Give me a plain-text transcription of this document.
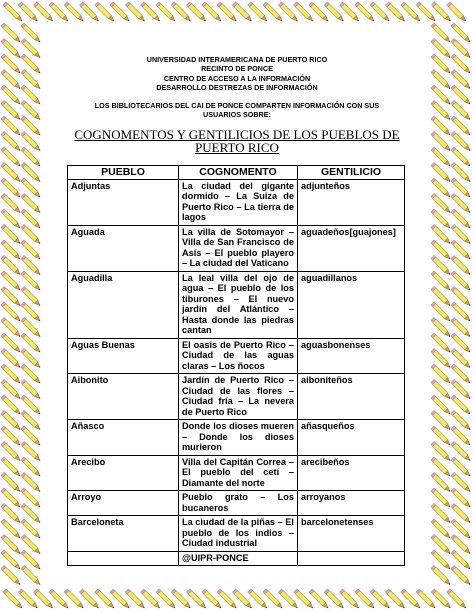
UNIVERSIDAD INTERAMERICANA DE PUERTO RICO
RECINTO DE PONCE
CENTRO DE ACCESO A LA INFORMACIÓN
DESARROLLO DESTREZAS DE INFORMACIÓN
LOS BIBLIOTECARIOS DEL CAI DE PONCE COMPARTEN INFORMACIÓN CON SUS
USUARIOS SOBRE:
COGNOMENTOS Y GENTILICIOS DE LOS PUEBLOS DE
PUERTO RICO
PUEBLO	COGNOMENTO	GENTILICIO
Adjuntas	La ciudad del gigante dormido – La Suiza de Puerto Rico – La tierra de lagos	adjunteños
Aguada	La villa de Sotomayor – Villa de San Francisco de Asís – El pueblo playero – La ciudad del Vaticano	aguadeños[guajones]
Aguadilla	La leal villa del ojo de agua – El pueblo de los tiburones – El nuevo jardín del Atlántico – Hasta donde las piedras cantan	aguadillanos
Aguas Buenas	El oasis de Puerto Rico – Ciudad de las aguas claras – Los ñocos	aguasbonenses
Aibonito	Jardín de Puerto Rico – Ciudad de las flores – Ciudad fría – La nevera de Puerto Rico	aiboniteños
Añasco	Donde los dioses mueren – Donde los dioses murieron	añasqueños
Arecibo	Villa del Capitán Correa – El pueblo del cetí – Diamante del norte	arecibeños
Arroyo	Pueblo grato – Los bucaneros	arroyanos
Barceloneta	La ciudad de la piñas – El pueblo de los indios – Ciudad industrial	barcelonetenses
	@UIPR-PONCE	
